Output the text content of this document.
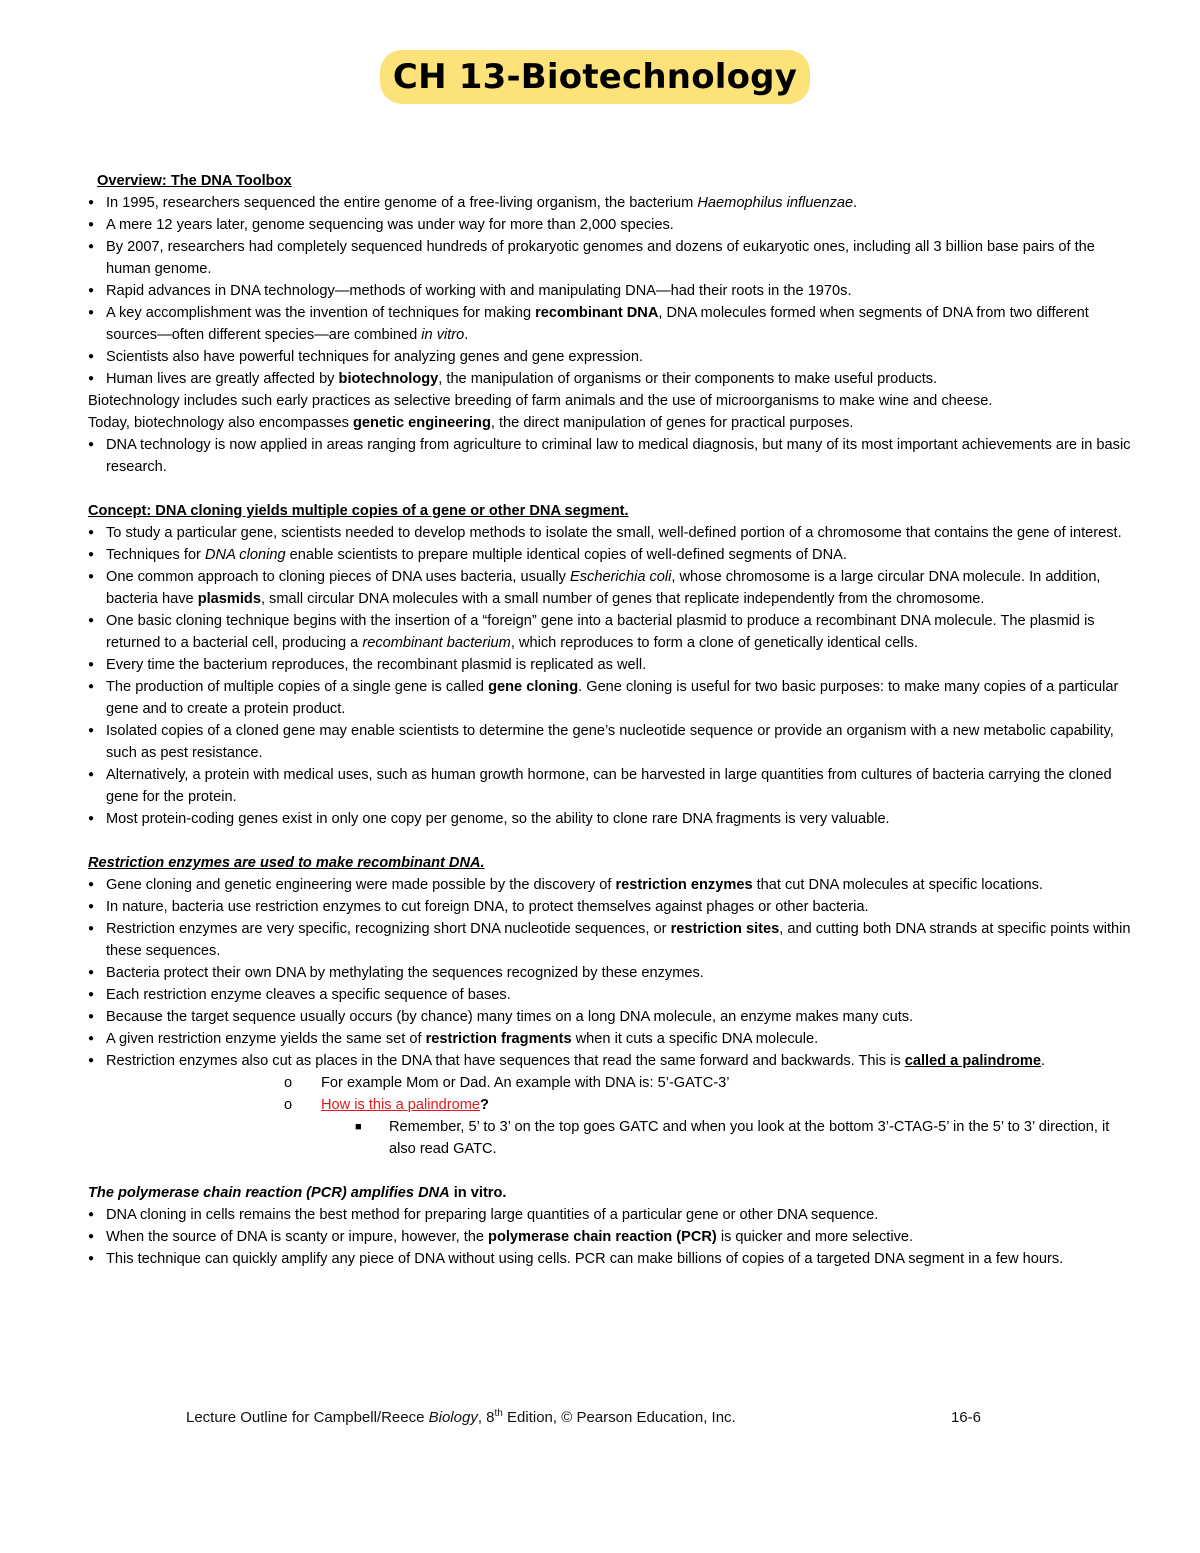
CH 13-Biotechnology

Overview: The DNA Toolbox

● In 1995, researchers sequenced the entire genome of a free-living organism, the bacterium Haemophilus influenzae.
● A mere 12 years later, genome sequencing was under way for more than 2,000 species.
● By 2007, researchers had completely sequenced hundreds of prokaryotic genomes and dozens of eukaryotic ones, including all 3 billion base pairs of the human genome.
● Rapid advances in DNA technology—methods of working with and manipulating DNA—had their roots in the 1970s.
● A key accomplishment was the invention of techniques for making recombinant DNA, DNA molecules formed when segments of DNA from two different sources—often different species—are combined in vitro.
● Scientists also have powerful techniques for analyzing genes and gene expression.
● Human lives are greatly affected by biotechnology, the manipulation of organisms or their components to make useful products.
Biotechnology includes such early practices as selective breeding of farm animals and the use of microorganisms to make wine and cheese.
Today, biotechnology also encompasses genetic engineering, the direct manipulation of genes for practical purposes.
● DNA technology is now applied in areas ranging from agriculture to criminal law to medical diagnosis, but many of its most important achievements are in basic research.

Concept: DNA cloning yields multiple copies of a gene or other DNA segment.

● To study a particular gene, scientists needed to develop methods to isolate the small, well-defined portion of a chromosome that contains the gene of interest.
● Techniques for DNA cloning enable scientists to prepare multiple identical copies of well-defined segments of DNA.
● One common approach to cloning pieces of DNA uses bacteria, usually Escherichia coli, whose chromosome is a large circular DNA molecule. In addition, bacteria have plasmids, small circular DNA molecules with a small number of genes that replicate independently from the chromosome.
● One basic cloning technique begins with the insertion of a “foreign” gene into a bacterial plasmid to produce a recombinant DNA molecule. The plasmid is returned to a bacterial cell, producing a recombinant bacterium, which reproduces to form a clone of genetically identical cells.
● Every time the bacterium reproduces, the recombinant plasmid is replicated as well.
● The production of multiple copies of a single gene is called gene cloning. Gene cloning is useful for two basic purposes: to make many copies of a particular gene and to create a protein product.
● Isolated copies of a cloned gene may enable scientists to determine the gene’s nucleotide sequence or provide an organism with a new metabolic capability, such as pest resistance.
● Alternatively, a protein with medical uses, such as human growth hormone, can be harvested in large quantities from cultures of bacteria carrying the cloned gene for the protein.
● Most protein-coding genes exist in only one copy per genome, so the ability to clone rare DNA fragments is very valuable.

Restriction enzymes are used to make recombinant DNA.

● Gene cloning and genetic engineering were made possible by the discovery of restriction enzymes that cut DNA molecules at specific locations.
● In nature, bacteria use restriction enzymes to cut foreign DNA, to protect themselves against phages or other bacteria.
● Restriction enzymes are very specific, recognizing short DNA nucleotide sequences, or restriction sites, and cutting both DNA strands at specific points within these sequences.
● Bacteria protect their own DNA by methylating the sequences recognized by these enzymes.
● Each restriction enzyme cleaves a specific sequence of bases.
● Because the target sequence usually occurs (by chance) many times on a long DNA molecule, an enzyme makes many cuts.
● A given restriction enzyme yields the same set of restriction fragments when it cuts a specific DNA molecule.
● Restriction enzymes also cut as places in the DNA that have sequences that read the same forward and backwards. This is called a palindrome.
o For example Mom or Dad. An example with DNA is: 5’-GATC-3’
o How is this a palindrome?
■ Remember, 5’ to 3’ on the top goes GATC and when you look at the bottom 3’-CTAG-5’ in the 5’ to 3’ direction, it also read GATC.

The polymerase chain reaction (PCR) amplifies DNA in vitro.

● DNA cloning in cells remains the best method for preparing large quantities of a particular gene or other DNA sequence.
● When the source of DNA is scanty or impure, however, the polymerase chain reaction (PCR) is quicker and more selective.
● This technique can quickly amplify any piece of DNA without using cells. PCR can make billions of copies of a targeted DNA segment in a few hours.
Lecture Outline for Campbell/Reece Biology, 8th Edition, © Pearson Education, Inc.	16-6
